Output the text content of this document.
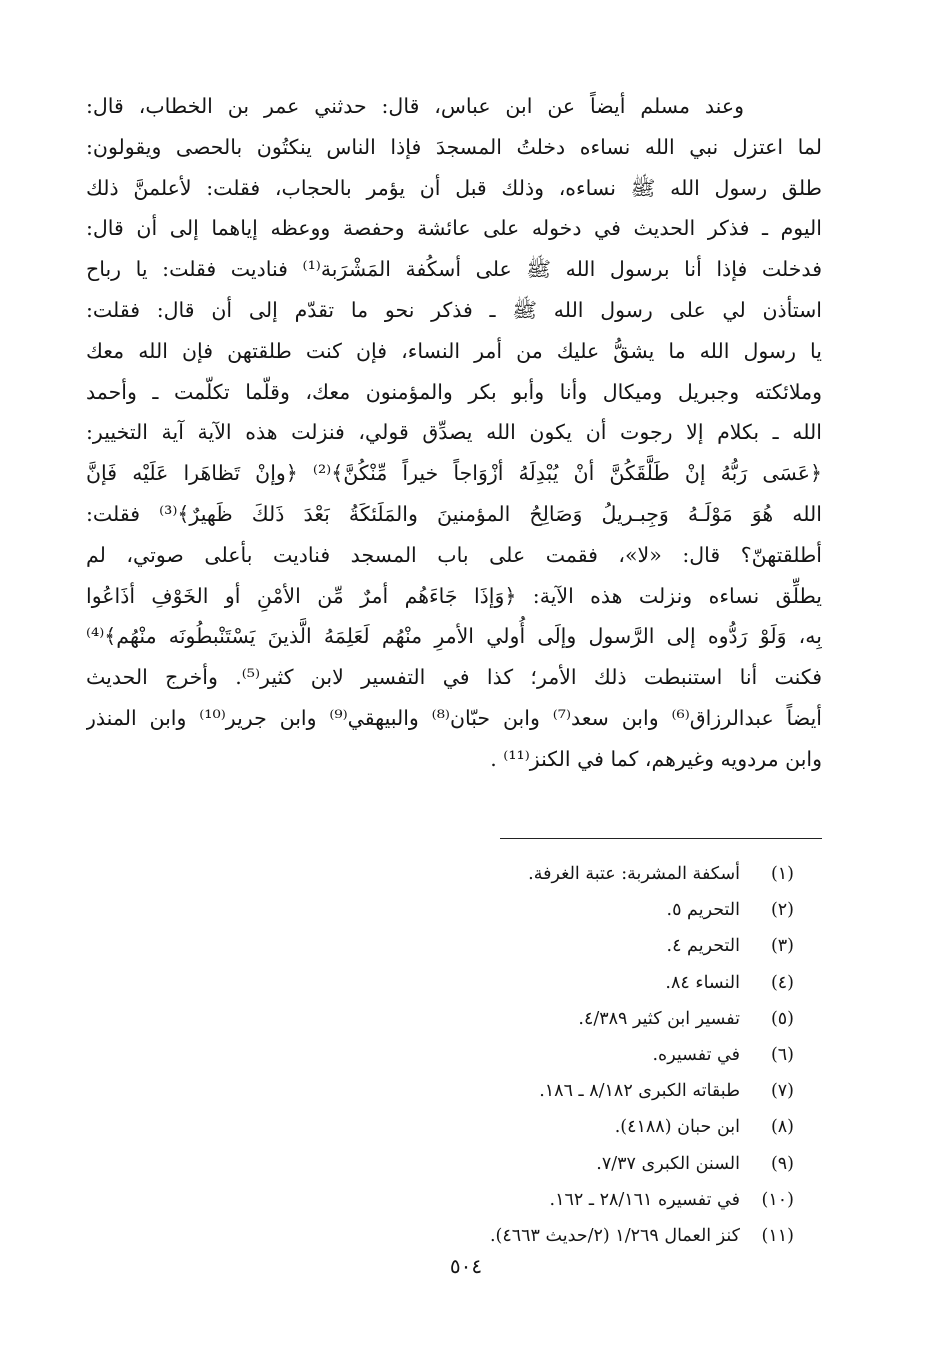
وعند مسلم أيضاً عن ابن عباس، قال: حدثني عمر بن الخطاب، قال:
لما اعتزل نبي الله نساءه دخلتُ المسجدَ فإذا الناس ينكتُون بالحصى ويقولون:
طلق رسول الله ﷺ نساءه، وذلك قبل أن يؤمر بالحجاب، فقلت: لأعلمنَّ ذلك
اليوم ـ فذكر الحديث في دخوله على عائشة وحفصة ووعظه إياهما إلى أن قال:
فدخلت فإذا أنا برسول الله ﷺ على أسكُفة المَشْرَبة⁽¹⁾ فناديت فقلت: يا رباح
استأذن لي على رسول الله ﷺ ـ فذكر نحو ما تقدّم إلى أن قال: فقلت:
يا رسول الله ما يشقُّ عليك من أمر النساء، فإن كنت طلقتهن فإن الله معك
وملائكته وجبريل وميكال وأنا وأبو بكر والمؤمنون معك، وقلّما تكلّمت ـ وأحمد
الله ـ بكلام إلا رجوت أن يكون الله يصدِّق قولي، فنزلت هذه الآية آية التخيير:
﴿عَسَى رَبُّهُ إنْ طَلَّقَكُنَّ أنْ يُبْدِلَهُ أزْوَاجاً خيراً مِّنْكُنَّ﴾⁽²⁾ ﴿وإنْ تَظاهَرا عَلَيْه فَإنَّ
الله هُوَ مَوْلَـهُ وَجِبـريلُ وَصَالِحُ المؤمنينَ والمَلَئكَةُ بَعْدَ ذَلكَ ظَهيرٌ﴾⁽³⁾ فقلت:
أطلقتهنّ؟ قال: «لا»، فقمت على باب المسجد فناديت بأعلى صوتي، لم
يطلِّق نساءه ونزلت هذه الآية: ﴿وَإذَا جَاءَهُم أمرٌ مِّن الأمْنِ أو الخَوْفِ أذَاعُوا
بِه، وَلَوْ رَدُّوه إلى الرَّسول وإلَى أُولي الأمرِ منْهُم لَعَلِمَهُ الَّذينَ يَسْتَنْبطُونَه منْهُم﴾⁽⁴⁾
فكنت أنا استنبطت ذلك الأمر؛ كذا في التفسير لابن كثير⁽⁵⁾. وأخرج الحديث
أيضاً عبدالرزاق⁽⁶⁾ وابن سعد⁽⁷⁾ وابن حبّان⁽⁸⁾ والبيهقي⁽⁹⁾ وابن جرير⁽¹⁰⁾ وابن المنذر
وابن مردويه وغيرهم، كما في الكنز⁽¹¹⁾ .
(١)
أسكفة المشربة: عتبة الغرفة.
(٢)
التحريم ٥.
(٣)
التحريم ٤.
(٤)
النساء ٨٤.
(٥)
تفسير ابن كثير ٤/٣٨٩.
(٦)
في تفسيره.
(٧)
طبقاته الكبرى ٨/١٨٢ ـ ١٨٦.
(٨)
ابن حبان (٤١٨٨).
(٩)
السنن الكبرى ٧/٣٧.
(١٠)
في تفسيره ٢٨/١٦١ ـ ١٦٢.
(١١)
كنز العمال ١/٢٦٩ (٢/حديث ٤٦٦٣).
٥٠٤
